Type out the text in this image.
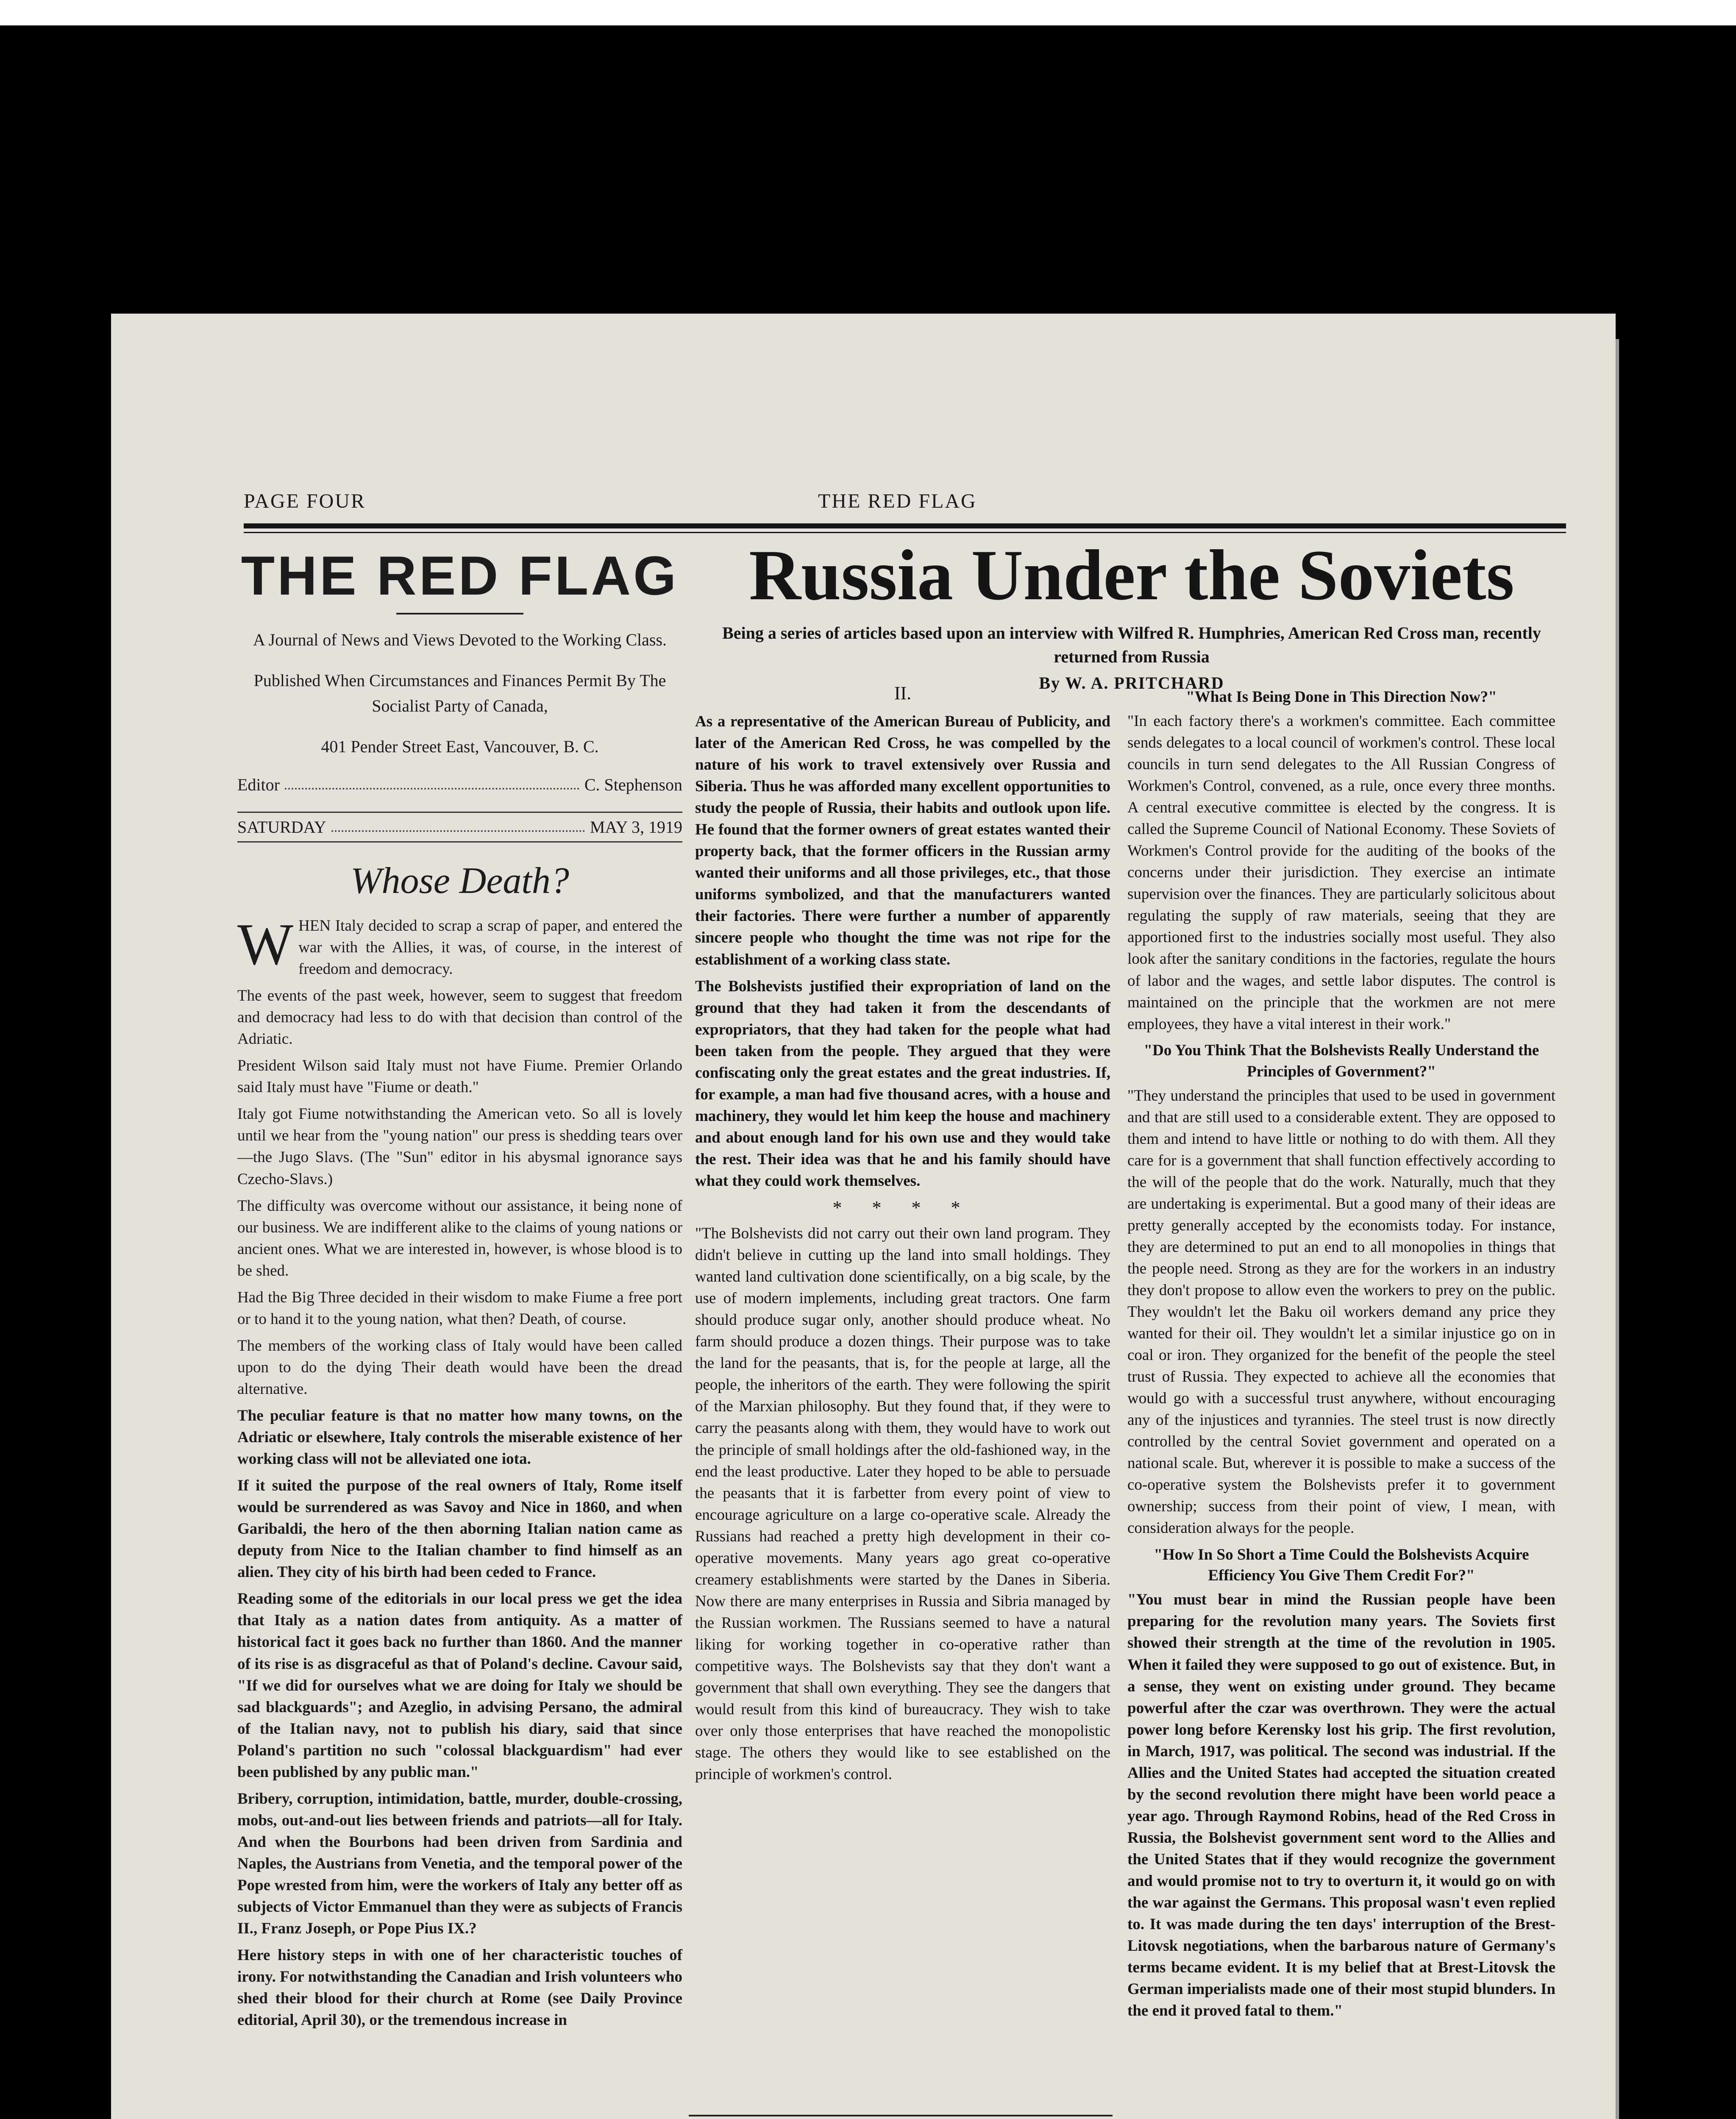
PAGE FOUR	THE RED FLAG
THE RED FLAG

A Journal of News and Views Devoted to the Working Class.

Published When Circumstances and Finances Permit By The Socialist Party of Canada,

401 Pender Street East, Vancouver, B. C.

Editor	C. Stephenson
SATURDAY	MAY 3, 1919
Whose Death?

WHEN Italy decided to scrap a scrap of paper, and entered the war with the Allies, it was, of course, in the interest of freedom and democracy.

The events of the past week, however, seem to suggest that freedom and democracy had less to do with that decision than control of the Adriatic.

President Wilson said Italy must not have Fiume. Premier Orlando said Italy must have "Fiume or death."

Italy got Fiume notwithstanding the American veto. So all is lovely until we hear from the "young nation" our press is shedding tears over—the Jugo Slavs. (The "Sun" editor in his abysmal ignorance says Czecho-Slavs.)

The difficulty was overcome without our assistance, it being none of our business. We are indifferent alike to the claims of young nations or ancient ones. What we are interested in, however, is whose blood is to be shed.

Had the Big Three decided in their wisdom to make Fiume a free port or to hand it to the young nation, what then? Death, of course.

The members of the working class of Italy would have been called upon to do the dying Their death would have been the dread alternative.

The peculiar feature is that no matter how many towns, on the Adriatic or elsewhere, Italy controls the miserable existence of her working class will not be alleviated one iota.

If it suited the purpose of the real owners of Italy, Rome itself would be surrendered as was Savoy and Nice in 1860, and when Garibaldi, the hero of the then aborning Italian nation came as deputy from Nice to the Italian chamber to find himself as an alien. They city of his birth had been ceded to France.

Reading some of the editorials in our local press we get the idea that Italy as a nation dates from antiquity. As a matter of historical fact it goes back no further than 1860. And the manner of its rise is as disgraceful as that of Poland's decline. Cavour said, "If we did for ourselves what we are doing for Italy we should be sad blackguards"; and Azeglio, in advising Persano, the admiral of the Italian navy, not to publish his diary, said that since Poland's partition no such "colossal blackguardism" had ever been published by any public man."

Bribery, corruption, intimidation, battle, murder, double-crossing, mobs, out-and-out lies between friends and patriots—all for Italy. And when the Bourbons had been driven from Sardinia and Naples, the Austrians from Venetia, and the temporal power of the Pope wrested from him, were the workers of Italy any better off as subjects of Victor Emmanuel than they were as subjects of Francis II., Franz Joseph, or Pope Pius IX.?

Here history steps in with one of her characteristic touches of irony. For notwithstanding the Canadian and Irish volunteers who shed their blood for their church at Rome (see Daily Province editorial, April 30), or the tremendous increase in

Russia Under the Soviets

Being a series of articles based upon an interview with Wilfred R. Humphries, American Red Cross man, recently returned from Russia

By W. A. PRITCHARD

II.

As a representative of the American Bureau of Publicity, and later of the American Red Cross, he was compelled by the nature of his work to travel extensively over Russia and Siberia. Thus he was afforded many excellent opportunities to study the people of Russia, their habits and outlook upon life. He found that the former owners of great estates wanted their property back, that the former officers in the Russian army wanted their uniforms and all those privileges, etc., that those uniforms symbolized, and that the manufacturers wanted their factories. There were further a number of apparently sincere people who thought the time was not ripe for the establishment of a working class state.

The Bolshevists justified their expropriation of land on the ground that they had taken it from the descendants of expropriators, that they had taken for the people what had been taken from the people. They argued that they were confiscating only the great estates and the great industries. If, for example, a man had five thousand acres, with a house and machinery, they would let him keep the house and machinery and about enough land for his own use and they would take the rest. Their idea was that he and his family should have what they could work themselves.

* * * *

"The Bolshevists did not carry out their own land program. They didn't believe in cutting up the land into small holdings. They wanted land cultivation done scientifically, on a big scale, by the use of modern implements, including great tractors. One farm should produce sugar only, another should produce wheat. No farm should produce a dozen things. Their purpose was to take the land for the peasants, that is, for the people at large, all the people, the inheritors of the earth. They were following the spirit of the Marxian philosophy. But they found that, if they were to carry the peasants along with them, they would have to work out the principle of small holdings after the old-fashioned way, in the end the least productive. Later they hoped to be able to persuade the peasants that it is farbetter from every point of view to encourage agriculture on a large co-operative scale. Already the Russians had reached a pretty high development in their co-operative movements. Many years ago great co-operative creamery establishments were started by the Danes in Siberia. Now there are many enterprises in Russia and Sibria managed by the Russian workmen. The Russians seemed to have a natural liking for working together in co-operative rather than competitive ways. The Bolshevists say that they don't want a government that shall own everything. They see the dangers that would result from this kind of bureaucracy. They wish to take over only those enterprises that have reached the monopolistic stage. The others they would like to see established on the principle of workmen's control.

"What Is Being Done in This Direction Now?"

"In each factory there's a workmen's committee. Each committee sends delegates to a local council of workmen's control. These local councils in turn send delegates to the All Russian Congress of Workmen's Control, convened, as a rule, once every three months. A central executive committee is elected by the congress. It is called the Supreme Council of National Economy. These Soviets of Workmen's Control provide for the auditing of the books of the concerns under their jurisdiction. They exercise an intimate supervision over the finances. They are particularly solicitous about regulating the supply of raw materials, seeing that they are apportioned first to the industries socially most useful. They also look after the sanitary conditions in the factories, regulate the hours of labor and the wages, and settle labor disputes. The control is maintained on the principle that the workmen are not mere employees, they have a vital interest in their work."

"Do You Think That the Bolshevists Really Understand the Principles of Government?"

"They understand the principles that used to be used in government and that are still used to a considerable extent. They are opposed to them and intend to have little or nothing to do with them. All they care for is a government that shall function effectively according to the will of the people that do the work. Naturally, much that they are undertaking is experimental. But a good many of their ideas are pretty generally accepted by the economists today. For instance, they are determined to put an end to all monopolies in things that the people need. Strong as they are for the workers in an industry they don't propose to allow even the workers to prey on the public. They wouldn't let the Baku oil workers demand any price they wanted for their oil. They wouldn't let a similar injustice go on in coal or iron. They organized for the benefit of the people the steel trust of Russia. They expected to achieve all the economies that would go with a successful trust anywhere, without encouraging any of the injustices and tyrannies. The steel trust is now directly controlled by the central Soviet government and operated on a national scale. But, wherever it is possible to make a success of the co-operative system the Bolshevists prefer it to government ownership; success from their point of view, I mean, with consideration always for the people.

"How In So Short a Time Could the Bolshevists Acquire Efficiency You Give Them Credit For?"

"You must bear in mind the Russian people have been preparing for the revolution many years. The Soviets first showed their strength at the time of the revolution in 1905. When it failed they were supposed to go out of existence. But, in a sense, they went on existing under ground. They became powerful after the czar was overthrown. They were the actual power long before Kerensky lost his grip. The first revolution, in March, 1917, was political. The second was industrial. If the Allies and the United States had accepted the situation created by the second revolution there might have been world peace a year ago. Through Raymond Robins, head of the Red Cross in Russia, the Bolshevist government sent word to the Allies and the United States that if they would recognize the government and would promise not to try to overturn it, it would go on with the war against the Germans. This proposal wasn't even replied to. It was made during the ten days' interruption of the Brest-Litovsk negotiations, when the barbarous nature of Germany's terms became evident. It is my belief that at Brest-Litovsk the German imperialists made one of their most stupid blunders. In the end it proved fatal to them."
